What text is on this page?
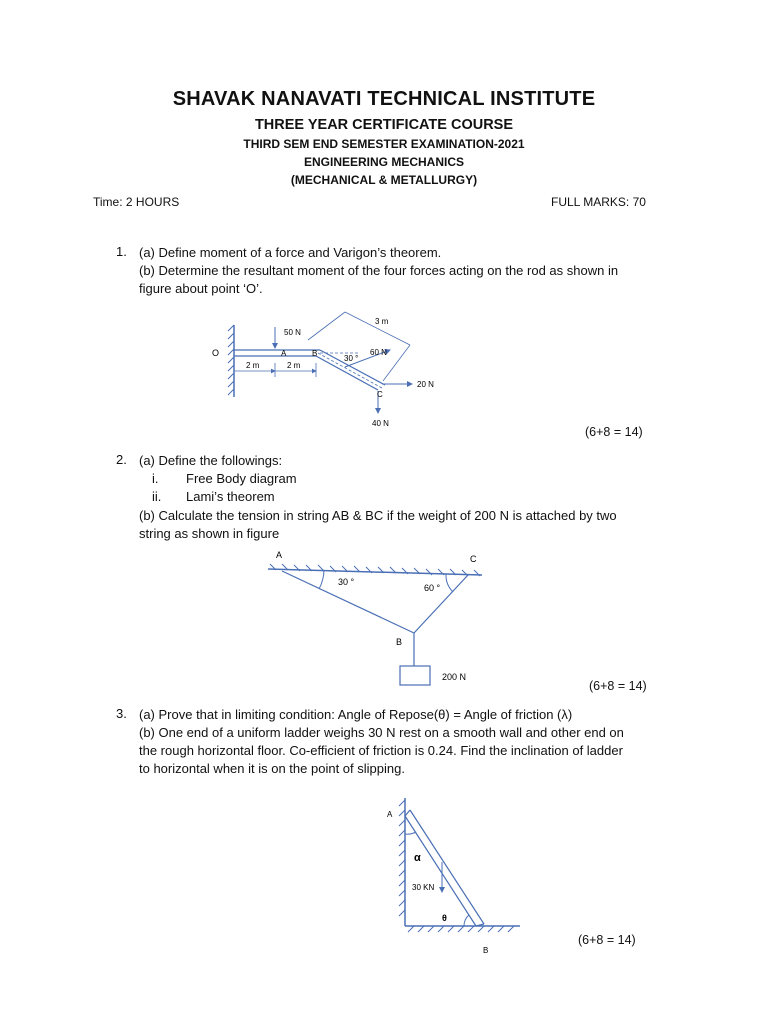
SHAVAK NANAVATI TECHNICAL INSTITUTE
THREE YEAR CERTIFICATE COURSE
THIRD SEM END SEMESTER EXAMINATION-2021
ENGINEERING MECHANICS
(MECHANICAL & METALLURGY)
Time: 2 HOURS	FULL MARKS: 70
1. (a) Define moment of a force and Varigon’s theorem.
(b) Determine the resultant moment of the four forces acting on the rod as shown in
figure about point ‘O’.
O	A	B
C
50 N
60 N
20 N
40 N
3 m
2 m	2 m
30 °
(6+8 = 14)
2. (a) Define the followings:
i. Free Body diagram
ii. Lami’s theorem
(b) Calculate the tension in string AB & BC if the weight of 200 N is attached by two
string as shown in figure
A
B
C
30 °
60 °
200 N
(6+8 = 14)
3. (a) Prove that in limiting condition: Angle of Repose(θ) = Angle of friction (λ)
(b) One end of a uniform ladder weighs 30 N rest on a smooth wall and other end on
the rough horizontal floor. Co-efficient of friction is 0.24. Find the inclination of ladder
to horizontal when it is on the point of slipping.
A
B
α
θ
30 KN
(6+8 = 14)
